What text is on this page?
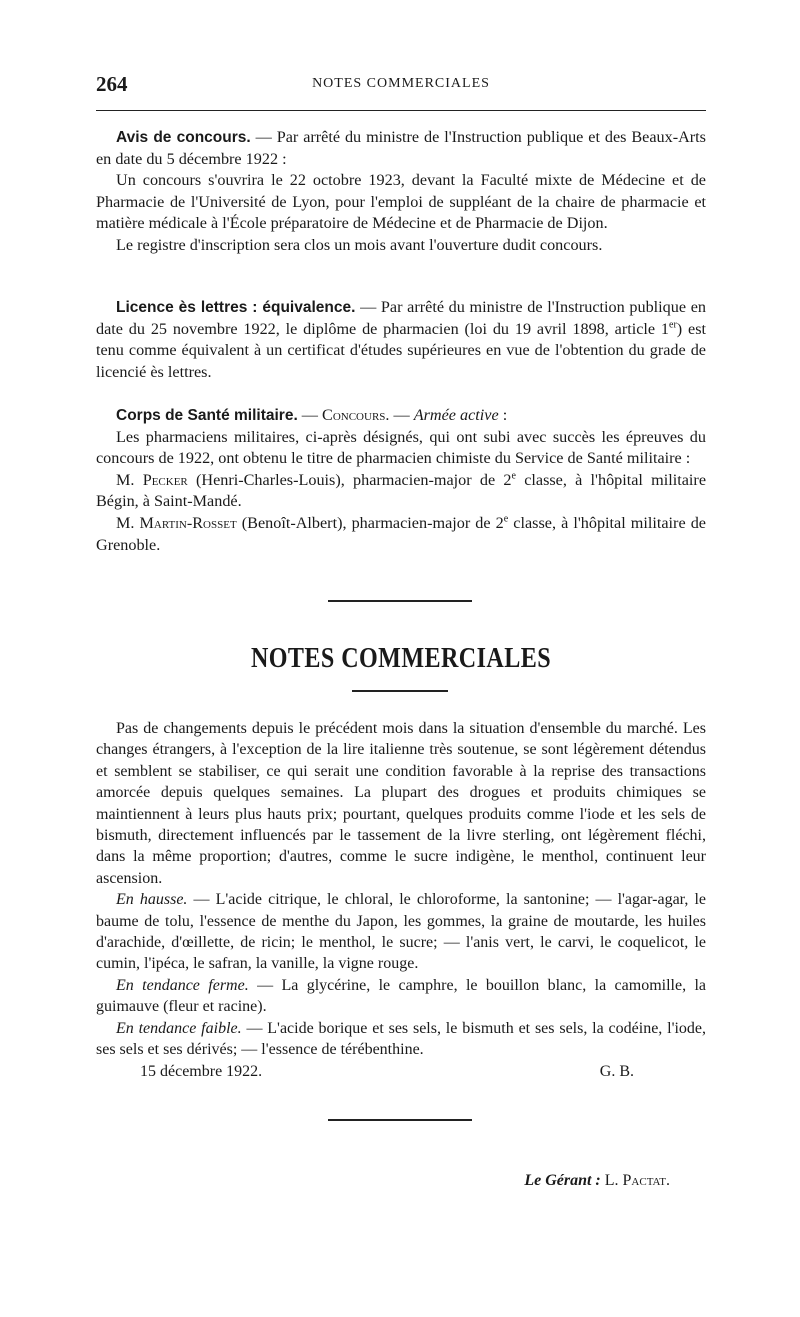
264	NOTES COMMERCIALES

Avis de concours. — Par arrêté du ministre de l'Instruction publique et des Beaux-Arts en date du 5 décembre 1922 :

Un concours s'ouvrira le 22 octobre 1923, devant la Faculté mixte de Médecine et de Pharmacie de l'Université de Lyon, pour l'emploi de suppléant de la chaire de pharmacie et matière médicale à l'École préparatoire de Médecine et de Pharmacie de Dijon.

Le registre d'inscription sera clos un mois avant l'ouverture dudit concours.

Licence ès lettres : équivalence. — Par arrêté du ministre de l'Instruction publique en date du 25 novembre 1922, le diplôme de pharmacien (loi du 19 avril 1898, article 1er) est tenu comme équivalent à un certificat d'études supérieures en vue de l'obtention du grade de licencié ès lettres.

Corps de Santé militaire. — Concours. — Armée active :

Les pharmaciens militaires, ci-après désignés, qui ont subi avec succès les épreuves du concours de 1922, ont obtenu le titre de pharmacien chimiste du Service de Santé militaire :

M. Pecker (Henri-Charles-Louis), pharmacien-major de 2e classe, à l'hôpital militaire Bégin, à Saint-Mandé.

M. Martin-Rosset (Benoît-Albert), pharmacien-major de 2e classe, à l'hôpital militaire de Grenoble.

NOTES COMMERCIALES

Pas de changements depuis le précédent mois dans la situation d'ensemble du marché. Les changes étrangers, à l'exception de la lire italienne très soutenue, se sont légèrement détendus et semblent se stabiliser, ce qui serait une condition favorable à la reprise des transactions amorcée depuis quelques semaines. La plupart des drogues et produits chimiques se maintiennent à leurs plus hauts prix; pourtant, quelques produits comme l'iode et les sels de bismuth, directement influencés par le tassement de la livre sterling, ont légèrement fléchi, dans la même proportion; d'autres, comme le sucre indigène, le menthol, continuent leur ascension.

En hausse. — L'acide citrique, le chloral, le chloroforme, la santonine; — l'agar-agar, le baume de tolu, l'essence de menthe du Japon, les gommes, la graine de moutarde, les huiles d'arachide, d'œillette, de ricin; le menthol, le sucre; — l'anis vert, le carvi, le coquelicot, le cumin, l'ipéca, le safran, la vanille, la vigne rouge.

En tendance ferme. — La glycérine, le camphre, le bouillon blanc, la camomille, la guimauve (fleur et racine).

En tendance faible. — L'acide borique et ses sels, le bismuth et ses sels, la codéine, l'iode, ses sels et ses dérivés; — l'essence de térébenthine.

15 décembre 1922.	G. B.
Le Gérant : L. Pactat.
